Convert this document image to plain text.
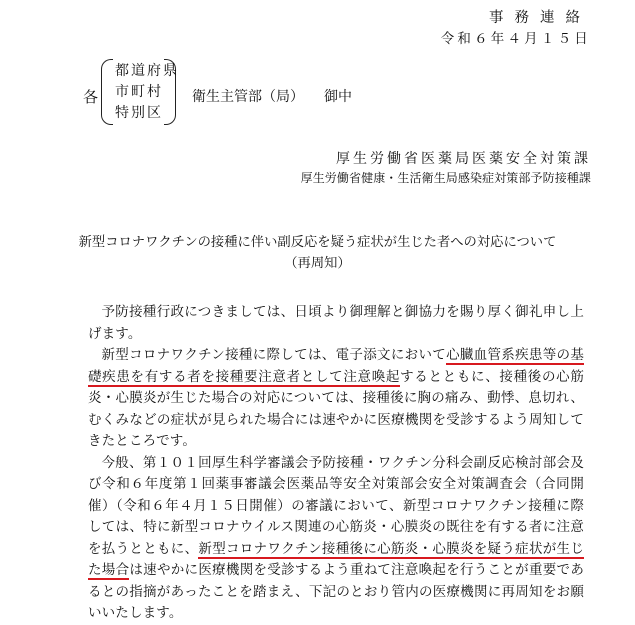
事務連絡
令和６年４月１５日
各
都道府県
市町村
特別区
衛生主管部（局） 御中
厚生労働省医薬局医薬安全対策課
厚生労働省健康・生活衛生局感染症対策部予防接種課
新型コロナワクチンの接種に伴い副反応を疑う症状が生じた者への対応について
（再周知）

予防接種行政につきましては、日頃より御理解と御協力を賜り厚く御礼申し上げます。

新型コロナワクチン接種に際しては、電子添文において心臓血管系疾患等の基礎疾患を有する者を接種要注意者として注意喚起するとともに、接種後の心筋炎・心膜炎が生じた場合の対応については、接種後に胸の痛み、動悸、息切れ、むくみなどの症状が見られた場合には速やかに医療機関を受診するよう周知してきたところです。

今般、第１０１回厚生科学審議会予防接種・ワクチン分科会副反応検討部会及び令和６年度第１回薬事審議会医薬品等安全対策部会安全対策調査会（合同開催）（令和６年４月１５日開催）の審議において、新型コロナワクチン接種に際しては、特に新型コロナウイルス関連の心筋炎・心膜炎の既往を有する者に注意を払うとともに、新型コロナワクチン接種後に心筋炎・心膜炎を疑う症状が生じた場合は速やかに医療機関を受診するよう重ねて注意喚起を行うことが重要であるとの指摘があったことを踏まえ、下記のとおり管内の医療機関に再周知をお願いいたします。
